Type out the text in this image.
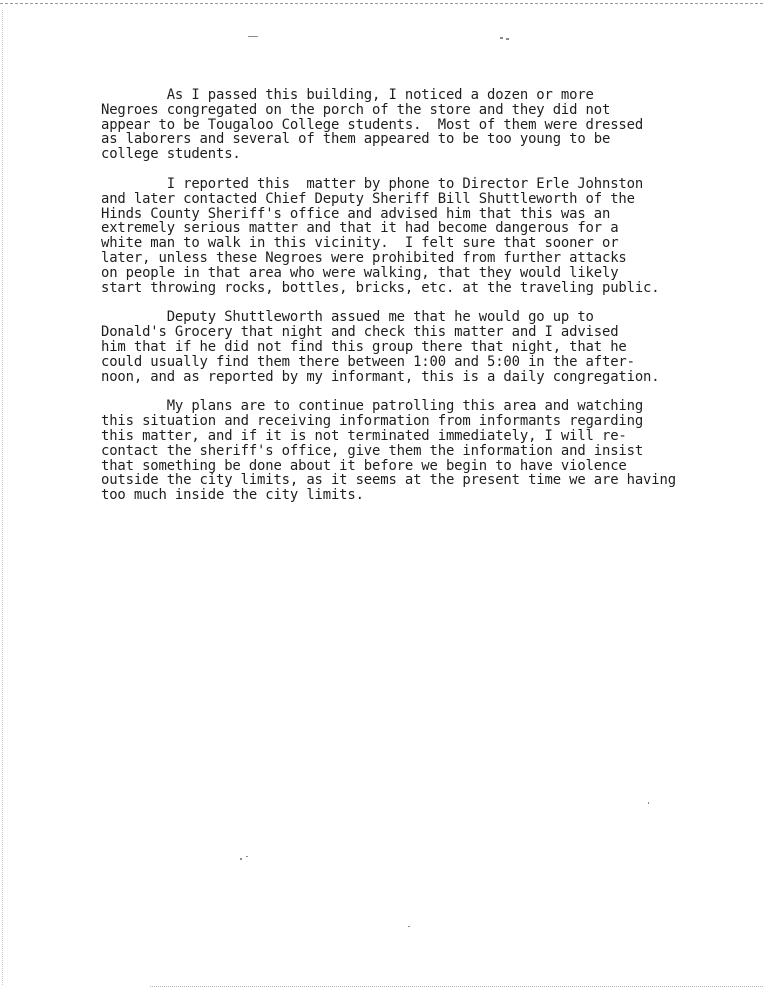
As I passed this building, I noticed a dozen or more
Negroes congregated on the porch of the store and they did not
appear to be Tougaloo College students.  Most of them were dressed
as laborers and several of them appeared to be too young to be
college students.
I reported this  matter by phone to Director Erle Johnston
and later contacted Chief Deputy Sheriff Bill Shuttleworth of the
Hinds County Sheriff's office and advised him that this was an
extremely serious matter and that it had become dangerous for a
white man to walk in this vicinity.  I felt sure that sooner or
later, unless these Negroes were prohibited from further attacks
on people in that area who were walking, that they would likely
start throwing rocks, bottles, bricks, etc. at the traveling public.
Deputy Shuttleworth assued me that he would go up to
Donald's Grocery that night and check this matter and I advised
him that if he did not find this group there that night, that he
could usually find them there between 1:00 and 5:00 in the after-
noon, and as reported by my informant, this is a daily congregation.
My plans are to continue patrolling this area and watching
this situation and receiving information from informants regarding
this matter, and if it is not terminated immediately, I will re-
contact the sheriff's office, give them the information and insist
that something be done about it before we begin to have violence
outside the city limits, as it seems at the present time we are having
too much inside the city limits.
